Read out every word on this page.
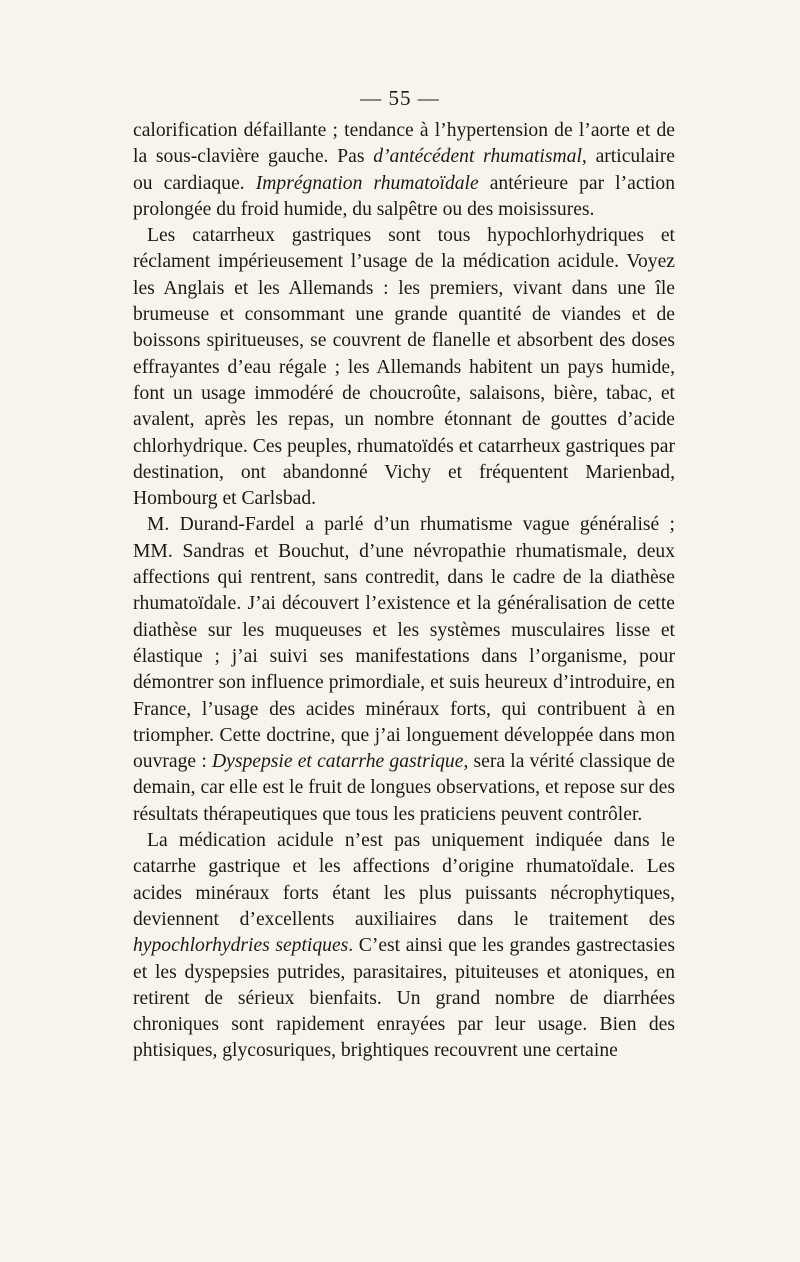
— 55 —

calorification défaillante ; tendance à l’hypertension de l’aorte et de la sous-clavière gauche. Pas d’antécédent rhumatismal, articulaire ou cardiaque. Imprégnation rhumatoïdale antérieure par l’action prolongée du froid humide, du salpêtre ou des moisissures.

Les catarrheux gastriques sont tous hypochlorhydriques et réclament impérieusement l’usage de la médication acidule. Voyez les Anglais et les Allemands : les premiers, vivant dans une île brumeuse et consommant une grande quantité de viandes et de boissons spiritueuses, se couvrent de flanelle et absorbent des doses effrayantes d’eau régale ; les Allemands habitent un pays humide, font un usage immodéré de choucroûte, salaisons, bière, tabac, et avalent, après les repas, un nombre étonnant de gouttes d’acide chlorhydrique. Ces peuples, rhumatoïdés et catarrheux gastriques par destination, ont abandonné Vichy et fréquentent Marienbad, Hombourg et Carlsbad.

M. Durand-Fardel a parlé d’un rhumatisme vague généralisé ; MM. Sandras et Bouchut, d’une névropathie rhumatismale, deux affections qui rentrent, sans contredit, dans le cadre de la diathèse rhumatoïdale. J’ai découvert l’existence et la généralisation de cette diathèse sur les muqueuses et les systèmes musculaires lisse et élastique ; j’ai suivi ses manifestations dans l’organisme, pour démontrer son influence primordiale, et suis heureux d’introduire, en France, l’usage des acides minéraux forts, qui contribuent à en triompher. Cette doctrine, que j’ai longuement développée dans mon ouvrage : Dyspepsie et catarrhe gastrique, sera la vérité classique de demain, car elle est le fruit de longues observations, et repose sur des résultats thérapeutiques que tous les praticiens peuvent contrôler.

La médication acidule n’est pas uniquement indiquée dans le catarrhe gastrique et les affections d’origine rhumatoïdale. Les acides minéraux forts étant les plus puissants nécrophytiques, deviennent d’excellents auxiliaires dans le traitement des hypochlorhydries septiques. C’est ainsi que les grandes gastrectasies et les dyspepsies putrides, parasitaires, pituiteuses et atoniques, en retirent de sérieux bienfaits. Un grand nombre de diarrhées chroniques sont rapidement enrayées par leur usage. Bien des phtisiques, glycosuriques, brightiques recouvrent une certaine
